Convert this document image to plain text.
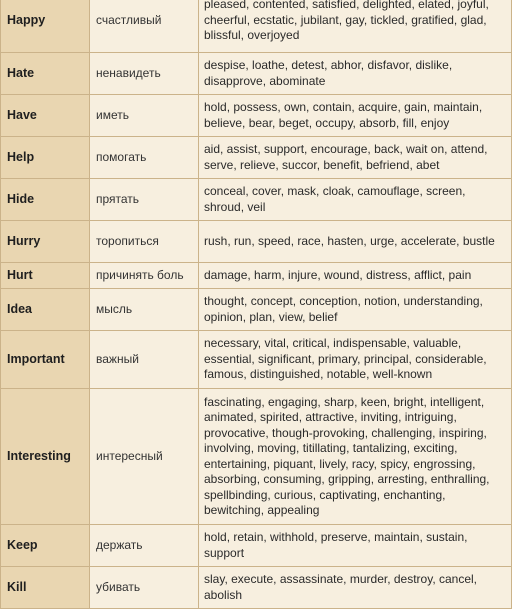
Happy	счастливый	pleased, contented, satisfied, delighted, elated, joyful, cheerful, ecstatic, jubilant, gay, tickled, gratified, glad, blissful, overjoyed
Hate	ненавидеть	despise, loathe, detest, abhor, disfavor, dislike, disapprove, abominate
Have	иметь	hold, possess, own, contain, acquire, gain, maintain, believe, bear, beget, occupy, absorb, fill, enjoy
Help	помогать	aid, assist, support, encourage, back, wait on, attend, serve, relieve, succor, benefit, befriend, abet
Hide	прятать	conceal, cover, mask, cloak, camouflage, screen, shroud, veil
Hurry	торопиться	rush, run, speed, race, hasten, urge, accelerate, bustle
Hurt	причинять боль	damage, harm, injure, wound, distress, afflict, pain
Idea	мысль	thought, concept, conception, notion, understanding, opinion, plan, view, belief
Important	важный	necessary, vital, critical, indispensable, valuable, essential, significant, primary, principal, considerable, famous, distinguished, notable, well-known
Interesting	интересный	fascinating, engaging, sharp, keen, bright, intelligent, animated, spirited, attractive, inviting, intriguing, provocative, though-provoking, challenging, inspiring, involving, moving, titillating, tantalizing, exciting, entertaining, piquant, lively, racy, spicy, engrossing, absorbing, consuming, gripping, arresting, enthralling, spellbinding, curious, captivating, enchanting, bewitching, appealing
Keep	держать	hold, retain, withhold, preserve, maintain, sustain, support
Kill	убивать	slay, execute, assassinate, murder, destroy, cancel, abolish
